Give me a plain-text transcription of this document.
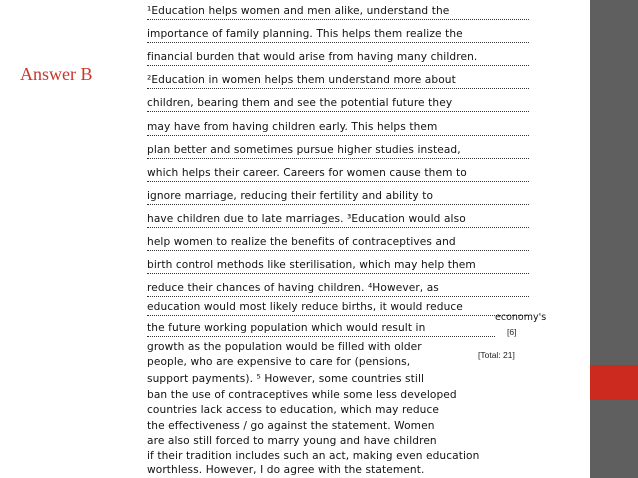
Answer B
¹Education helps women and men alike, understand the
importance of family planning. This helps them realize the
financial burden that would arise from having many children.
²Education in women helps them understand more about
children, bearing them and see the potential future they
may have from having children early. This helps them
plan better and sometimes pursue higher studies instead,
which helps their career. Careers for women cause them to
ignore marriage, reducing their fertility and ability to
have children due to late marriages. ³Education would also
help women to realize the benefits of contraceptives and
birth control methods like sterilisation, which may help them
reduce their chances of having children. ⁴However, as
education would most likely reduce births, it would reduce
economy's
the future working population which would result in	[6]
growth as the population would be filled with older
people, who are expensive to care for (pensions,
[Total: 21]
support payments). ⁵ However, some countries still
ban the use of contraceptives while some less developed
countries lack access to education, which may reduce
the effectiveness / go against the statement. Women
are also still forced to marry young and have children
if their tradition includes such an act, making even education
worthless. However, I do agree with the statement.
